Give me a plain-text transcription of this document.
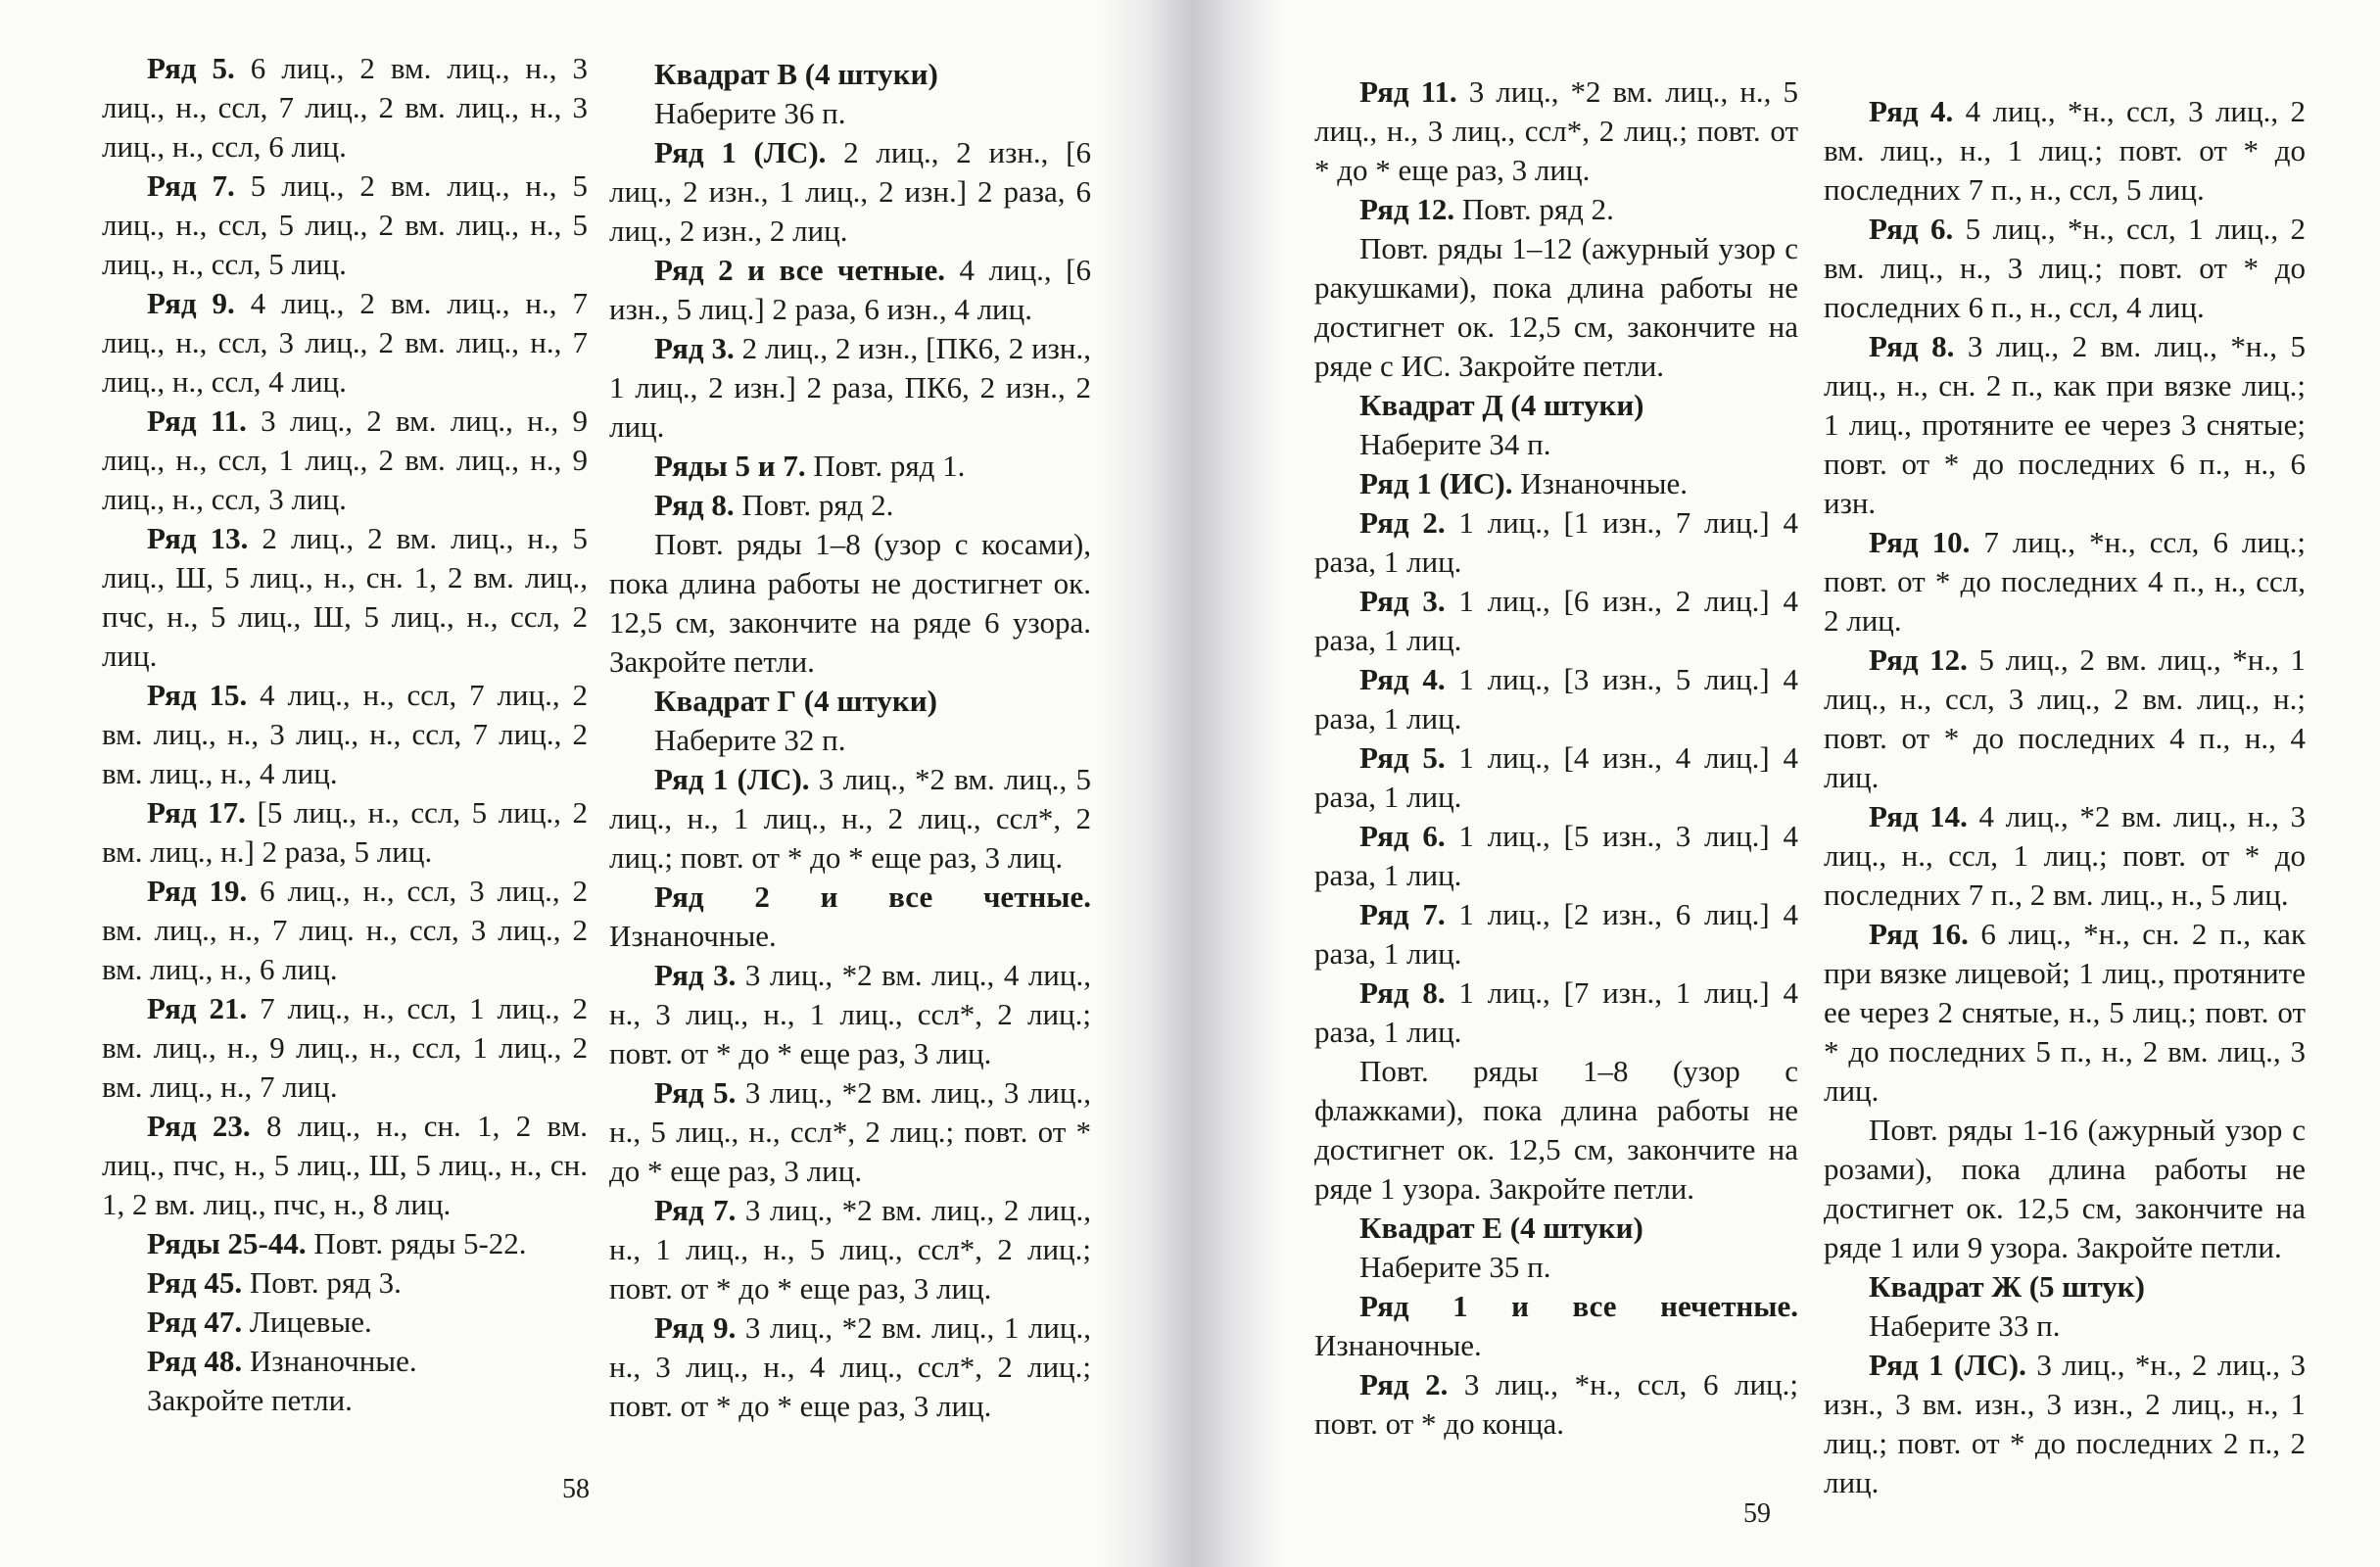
Ряд 5. 6 лиц., 2 вм. лиц., н., 3 лиц., н., ссл, 7 лиц., 2 вм. лиц., н., 3 лиц., н., ссл, 6 лиц.

Ряд 7. 5 лиц., 2 вм. лиц., н., 5 лиц., н., ссл, 5 лиц., 2 вм. лиц., н., 5 лиц., н., ссл, 5 лиц.

Ряд 9. 4 лиц., 2 вм. лиц., н., 7 лиц., н., ссл, 3 лиц., 2 вм. лиц., н., 7 лиц., н., ссл, 4 лиц.

Ряд 11. 3 лиц., 2 вм. лиц., н., 9 лиц., н., ссл, 1 лиц., 2 вм. лиц., н., 9 лиц., н., ссл, 3 лиц.

Ряд 13. 2 лиц., 2 вм. лиц., н., 5 лиц., Ш, 5 лиц., н., сн. 1, 2 вм. лиц., пчс, н., 5 лиц., Ш, 5 лиц., н., ссл, 2 лиц.

Ряд 15. 4 лиц., н., ссл, 7 лиц., 2 вм. лиц., н., 3 лиц., н., ссл, 7 лиц., 2 вм. лиц., н., 4 лиц.

Ряд 17. [5 лиц., н., ссл, 5 лиц., 2 вм. лиц., н.] 2 раза, 5 лиц.

Ряд 19. 6 лиц., н., ссл, 3 лиц., 2 вм. лиц., н., 7 лиц. н., ссл, 3 лиц., 2 вм. лиц., н., 6 лиц.

Ряд 21. 7 лиц., н., ссл, 1 лиц., 2 вм. лиц., н., 9 лиц., н., ссл, 1 лиц., 2 вм. лиц., н., 7 лиц.

Ряд 23. 8 лиц., н., сн. 1, 2 вм. лиц., пчс, н., 5 лиц., Ш, 5 лиц., н., сн. 1, 2 вм. лиц., пчс, н., 8 лиц.

Ряды 25-44. Повт. ряды 5-22.

Ряд 45. Повт. ряд 3.

Ряд 47. Лицевые.

Ряд 48. Изнаночные.

Закройте петли.

Квадрат В (4 штуки)

Наберите 36 п.

Ряд 1 (ЛС). 2 лиц., 2 изн., [6 лиц., 2 изн., 1 лиц., 2 изн.] 2 раза, 6 лиц., 2 изн., 2 лиц.

Ряд 2 и все четные. 4 лиц., [6 изн., 5 лиц.] 2 раза, 6 изн., 4 лиц.

Ряд 3. 2 лиц., 2 изн., [ПК6, 2 изн., 1 лиц., 2 изн.] 2 раза, ПК6, 2 изн., 2 лиц.

Ряды 5 и 7. Повт. ряд 1.

Ряд 8. Повт. ряд 2.

Повт. ряды 1–8 (узор с косами), пока длина работы не достигнет ок. 12,5 см, закончите на ряде 6 узора. Закройте петли.

Квадрат Г (4 штуки)

Наберите 32 п.

Ряд 1 (ЛС). 3 лиц., *2 вм. лиц., 5 лиц., н., 1 лиц., н., 2 лиц., ссл*, 2 лиц.; повт. от * до * еще раз, 3 лиц.

Ряд 2 и все четные. Изнаночные.

Ряд 3. 3 лиц., *2 вм. лиц., 4 лиц., н., 3 лиц., н., 1 лиц., ссл*, 2 лиц.; повт. от * до * еще раз, 3 лиц.

Ряд 5. 3 лиц., *2 вм. лиц., 3 лиц., н., 5 лиц., н., ссл*, 2 лиц.; повт. от * до * еще раз, 3 лиц.

Ряд 7. 3 лиц., *2 вм. лиц., 2 лиц., н., 1 лиц., н., 5 лиц., ссл*, 2 лиц.; повт. от * до * еще раз, 3 лиц.

Ряд 9. 3 лиц., *2 вм. лиц., 1 лиц., н., 3 лиц., н., 4 лиц., ссл*, 2 лиц.; повт. от * до * еще раз, 3 лиц.

58

Ряд 11. 3 лиц., *2 вм. лиц., н., 5 лиц., н., 3 лиц., ссл*, 2 лиц.; повт. от * до * еще раз, 3 лиц.

Ряд 12. Повт. ряд 2.

Повт. ряды 1–12 (ажурный узор с ракушками), пока длина работы не достигнет ок. 12,5 см, закончите на ряде с ИС. Закройте петли.

Квадрат Д (4 штуки)

Наберите 34 п.

Ряд 1 (ИС). Изнаночные.

Ряд 2. 1 лиц., [1 изн., 7 лиц.] 4 раза, 1 лиц.

Ряд 3. 1 лиц., [6 изн., 2 лиц.] 4 раза, 1 лиц.

Ряд 4. 1 лиц., [3 изн., 5 лиц.] 4 раза, 1 лиц.

Ряд 5. 1 лиц., [4 изн., 4 лиц.] 4 раза, 1 лиц.

Ряд 6. 1 лиц., [5 изн., 3 лиц.] 4 раза, 1 лиц.

Ряд 7. 1 лиц., [2 изн., 6 лиц.] 4 раза, 1 лиц.

Ряд 8. 1 лиц., [7 изн., 1 лиц.] 4 раза, 1 лиц.

Повт. ряды 1–8 (узор с флажками), пока длина работы не достигнет ок. 12,5 см, закончите на ряде 1 узора. Закройте петли.

Квадрат Е (4 штуки)

Наберите 35 п.

Ряд 1 и все нечетные. Изнаночные.

Ряд 2. 3 лиц., *н., ссл, 6 лиц.; повт. от * до конца.

Ряд 4. 4 лиц., *н., ссл, 3 лиц., 2 вм. лиц., н., 1 лиц.; повт. от * до последних 7 п., н., ссл, 5 лиц.

Ряд 6. 5 лиц., *н., ссл, 1 лиц., 2 вм. лиц., н., 3 лиц.; повт. от * до последних 6 п., н., ссл, 4 лиц.

Ряд 8. 3 лиц., 2 вм. лиц., *н., 5 лиц., н., сн. 2 п., как при вязке лиц.; 1 лиц., протяните ее через 3 снятые; повт. от * до последних 6 п., н., 6 изн.

Ряд 10. 7 лиц., *н., ссл, 6 лиц.; повт. от * до последних 4 п., н., ссл, 2 лиц.

Ряд 12. 5 лиц., 2 вм. лиц., *н., 1 лиц., н., ссл, 3 лиц., 2 вм. лиц., н.; повт. от * до последних 4 п., н., 4 лиц.

Ряд 14. 4 лиц., *2 вм. лиц., н., 3 лиц., н., ссл, 1 лиц.; повт. от * до последних 7 п., 2 вм. лиц., н., 5 лиц.

Ряд 16. 6 лиц., *н., сн. 2 п., как при вязке лицевой; 1 лиц., протяните ее через 2 снятые, н., 5 лиц.; повт. от * до последних 5 п., н., 2 вм. лиц., 3 лиц.

Повт. ряды 1-16 (ажурный узор с розами), пока длина работы не достигнет ок. 12,5 см, закончите на ряде 1 или 9 узора. Закройте петли.

Квадрат Ж (5 штук)

Наберите 33 п.

Ряд 1 (ЛС). 3 лиц., *н., 2 лиц., 3 изн., 3 вм. изн., 3 изн., 2 лиц., н., 1 лиц.; повт. от * до последних 2 п., 2 лиц.

59
